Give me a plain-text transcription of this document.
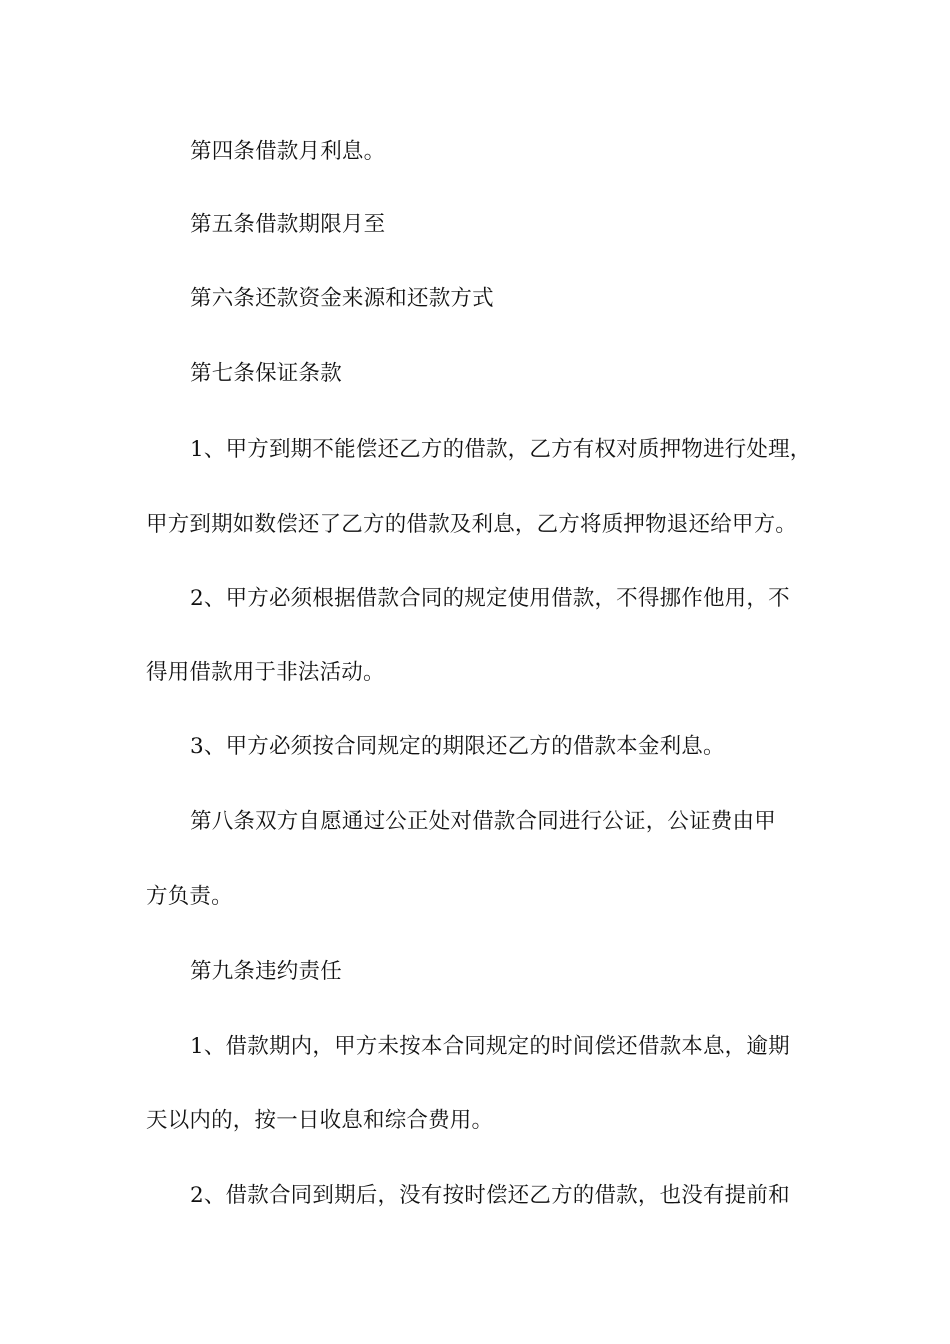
第四条借款月利息。
第五条借款期限月至
第六条还款资金来源和还款方式
第七条保证条款
1、甲方到期不能偿还乙方的借款，乙方有权对质押物进行处理，
甲方到期如数偿还了乙方的借款及利息，乙方将质押物退还给甲方。
2、甲方必须根据借款合同的规定使用借款，不得挪作他用，不
得用借款用于非法活动。
3、甲方必须按合同规定的期限还乙方的借款本金利息。
第八条双方自愿通过公正处对借款合同进行公证，公证费由甲
方负责。
第九条违约责任
1、借款期内，甲方未按本合同规定的时间偿还借款本息，逾期
天以内的，按一日收息和综合费用。
2、借款合同到期后，没有按时偿还乙方的借款，也没有提前和
